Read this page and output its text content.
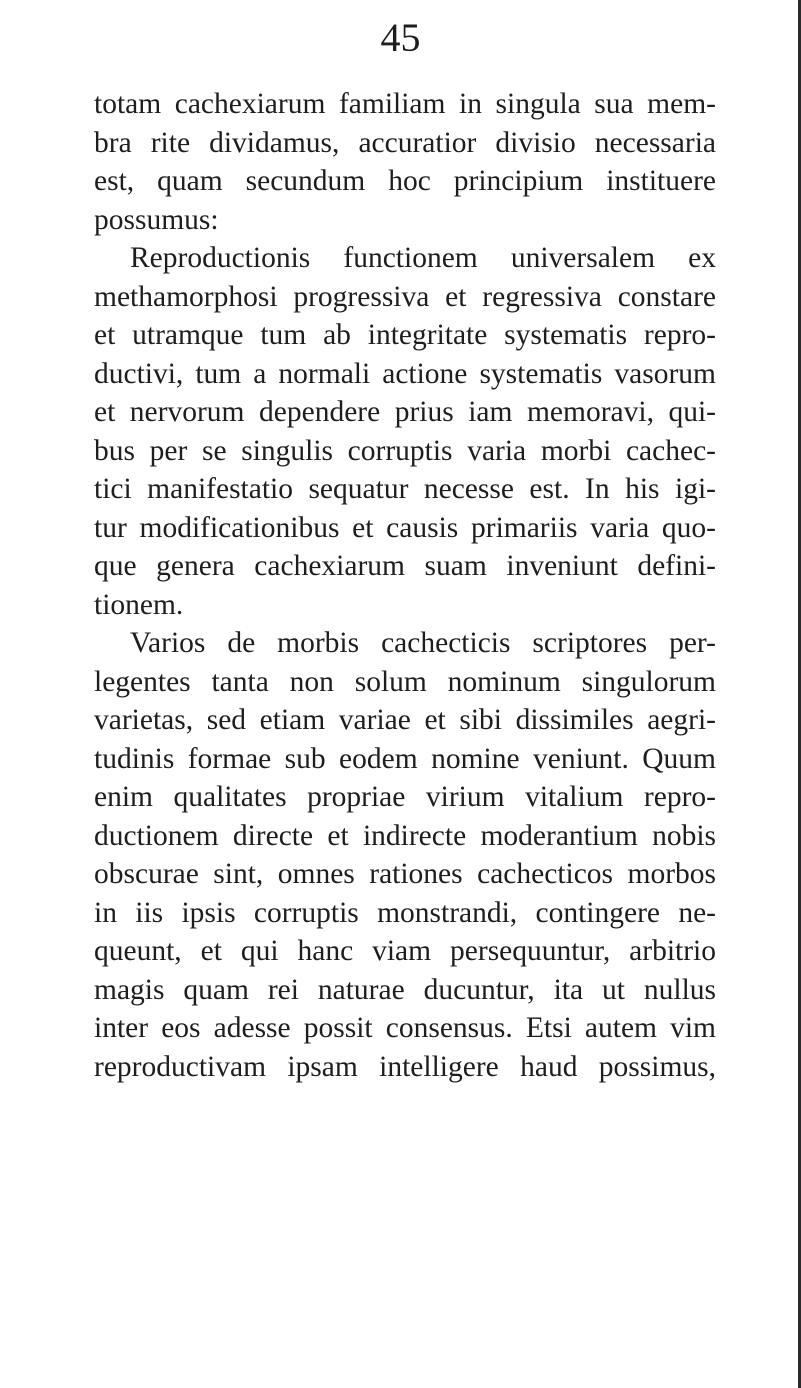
45
totam cachexiarum familiam in singula sua mem-
bra rite dividamus, accuratior divisio necessaria
est, quam secundum hoc principium instituere
possumus:
Reproductionis functionem universalem ex
methamorphosi progressiva et regressiva constare
et utramque tum ab integritate systematis repro-
ductivi, tum a normali actione systematis vasorum
et nervorum dependere prius iam memoravi, qui-
bus per se singulis corruptis varia morbi cachec-
tici manifestatio sequatur necesse est. In his igi-
tur modificationibus et causis primariis varia quo-
que genera cachexiarum suam inveniunt defini-
tionem.
Varios de morbis cachecticis scriptores per-
legentes tanta non solum nominum singulorum
varietas, sed etiam variae et sibi dissimiles aegri-
tudinis formae sub eodem nomine veniunt. Quum
enim qualitates propriae virium vitalium repro-
ductionem directe et indirecte moderantium nobis
obscurae sint, omnes rationes cachecticos morbos
in iis ipsis corruptis monstrandi, contingere ne-
queunt, et qui hanc viam persequuntur, arbitrio
magis quam rei naturae ducuntur, ita ut nullus
inter eos adesse possit consensus. Etsi autem vim
reproductivam ipsam intelligere haud possimus,
